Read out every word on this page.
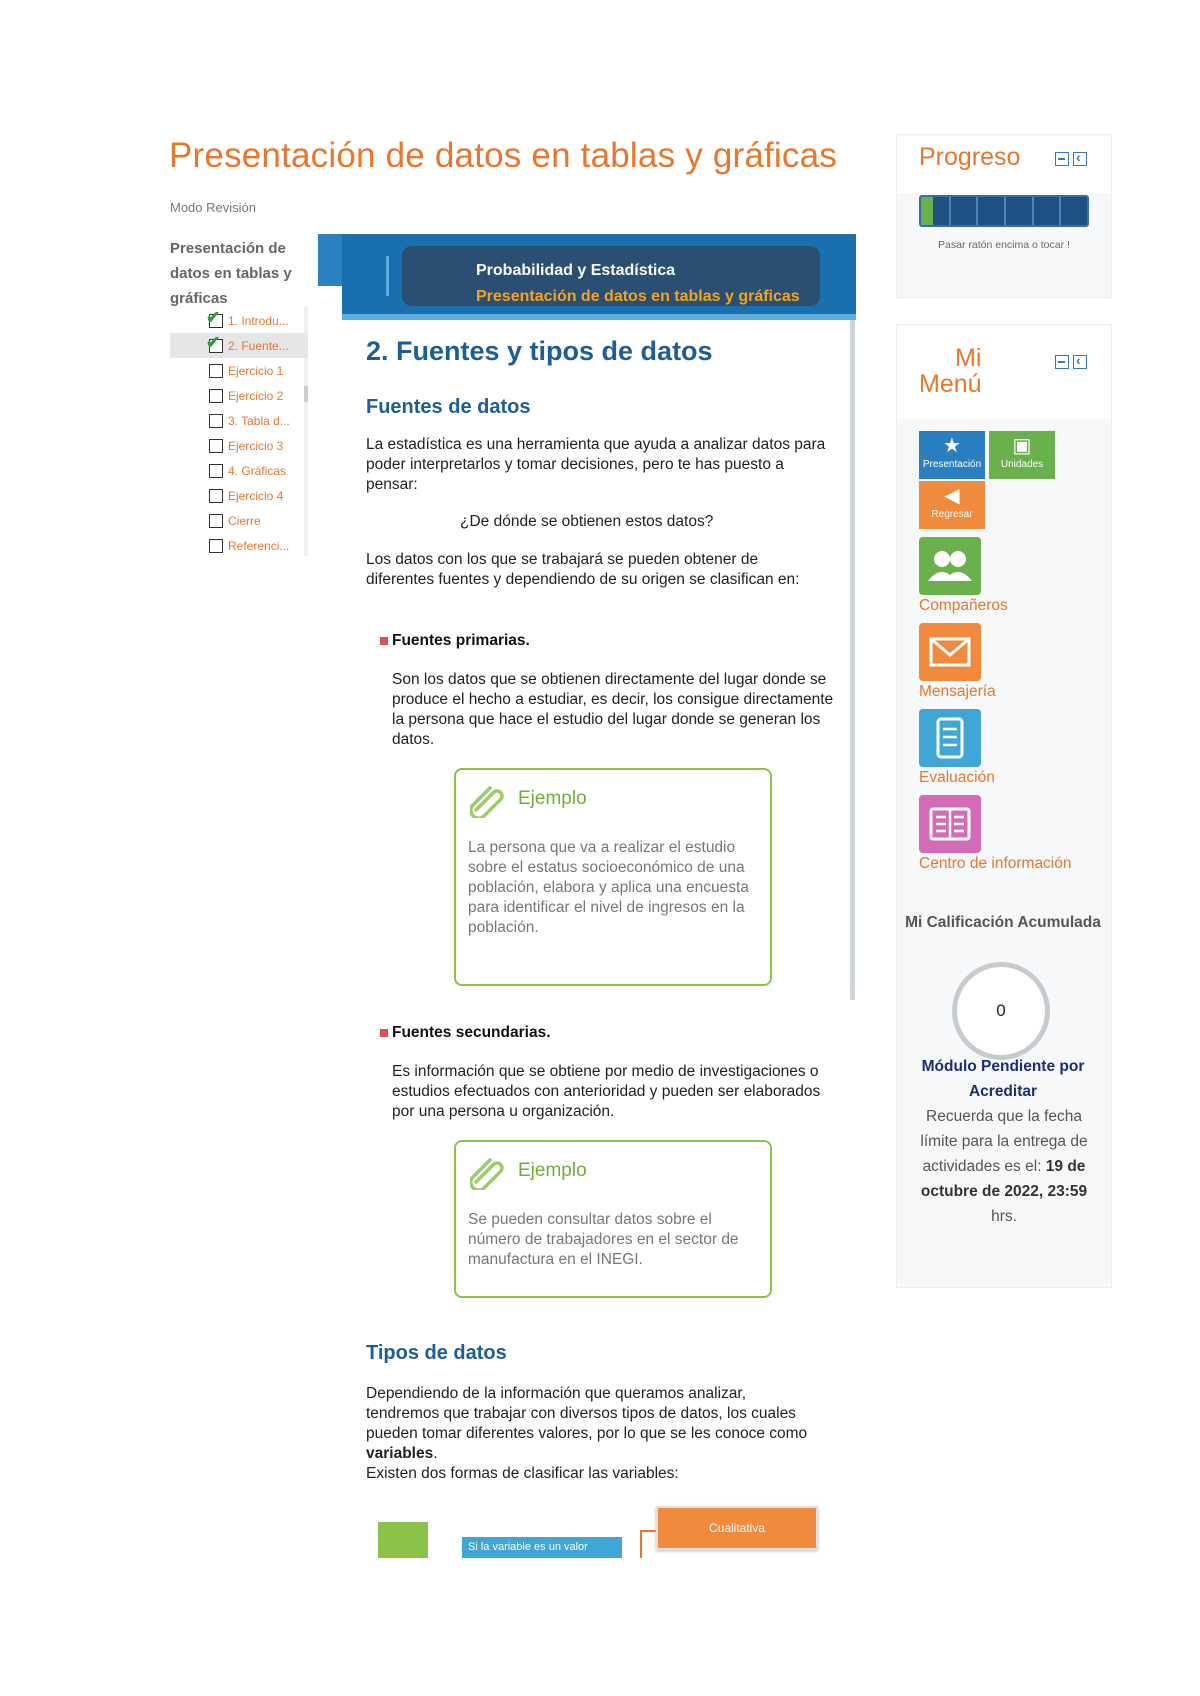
Presentación de datos en tablas y gráficas
Modo Revisión
Presentación de datos en tablas y gráficas
✔ 1. Introdu...
✔ 2. Fuente...
Ejercicio 1
Ejercicio 2
3. Tabla d...
Ejercicio 3
4. Gráficas
Ejercicio 4
Cierre
Referenci...
Probabilidad y Estadística
Presentación de datos en tablas y gráficas
2. Fuentes y tipos de datos
Fuentes de datos

La estadística es una herramienta que ayuda a analizar datos para poder interpretarlos y tomar decisiones, pero te has puesto a pensar:

¿De dónde se obtienen estos datos?

Los datos con los que se trabajará se pueden obtener de diferentes fuentes y dependiendo de su origen se clasifican en:

Fuentes primarias.

Son los datos que se obtienen directamente del lugar donde se produce el hecho a estudiar, es decir, los consigue directamente la persona que hace el estudio del lugar donde se generan los datos.

Ejemplo
La persona que va a realizar el estudio sobre el estatus socioeconómico de una población, elabora y aplica una encuesta para identificar el nivel de ingresos en la población.
Fuentes secundarias.

Es información que se obtiene por medio de investigaciones o estudios efectuados con anterioridad y pueden ser elaborados por una persona u organización.

Ejemplo
Se pueden consultar datos sobre el número de trabajadores en el sector de manufactura en el INEGI.
Tipos de datos

Dependiendo de la información que queramos analizar, tendremos que trabajar con diversos tipos de datos, los cuales pueden tomar diferentes valores, por lo que se les conoce como variables.
Existen dos formas de clasificar las variables:

Si la variable es un valor
Cualitativa
Progreso
‹
Pasar ratón encima o tocar !
Mi
Menú
‹
★
Presentación
▣
Unidades
◀
Regresar
Compañeros
Mensajería
Evaluación
Centro de información
Mi Calificación Acumulada
0
Módulo Pendiente por Acreditar
Recuerda que la fecha límite para la entrega de actividades es el: 19 de octubre de 2022, 23:59 hrs.
